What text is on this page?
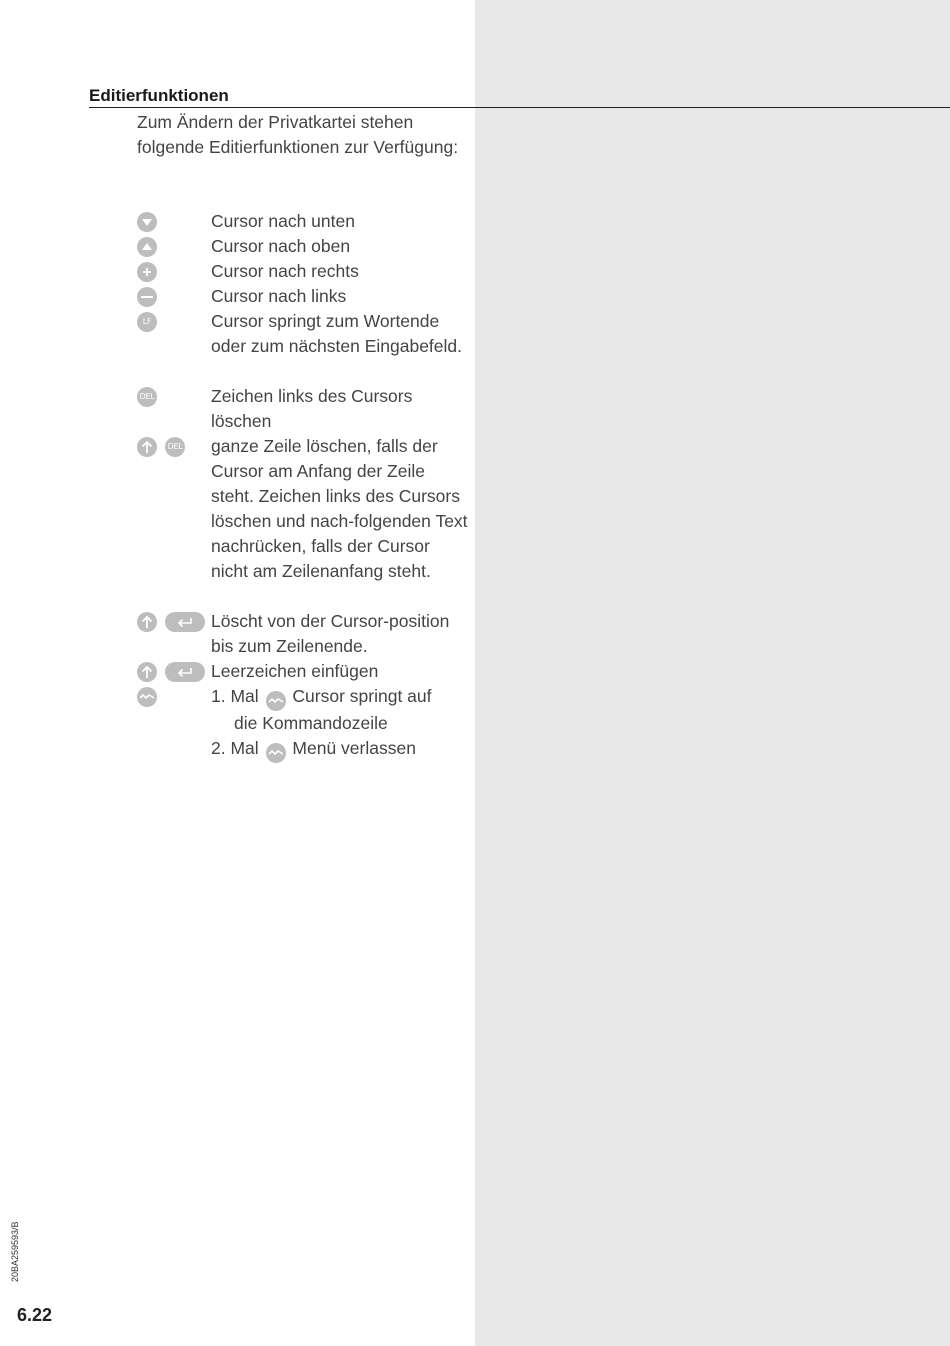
Editierfunktionen
Zum Ändern der Privatkartei stehen folgende Editierfunktionen zur Verfügung:
Cursor nach unten
Cursor nach oben
Cursor nach rechts
Cursor nach links
LF	Cursor springt zum Wortende oder zum nächsten Eingabefeld.
DEL	Zeichen links des Cursors löschen
DEL ganze Zeile löschen, falls der Cursor am Anfang der Zeile steht. Zeichen links des Cursors löschen und nach-folgenden Text nachrücken, falls der Cursor nicht am Zeilenanfang steht.
Löscht von der Cursor-position bis zum Zeilenende.
Leerzeichen einfügen
1. Mal Cursor springt auf
die Kommandozeile
2. Mal Menü verlassen
20BA259593/B
6.22
